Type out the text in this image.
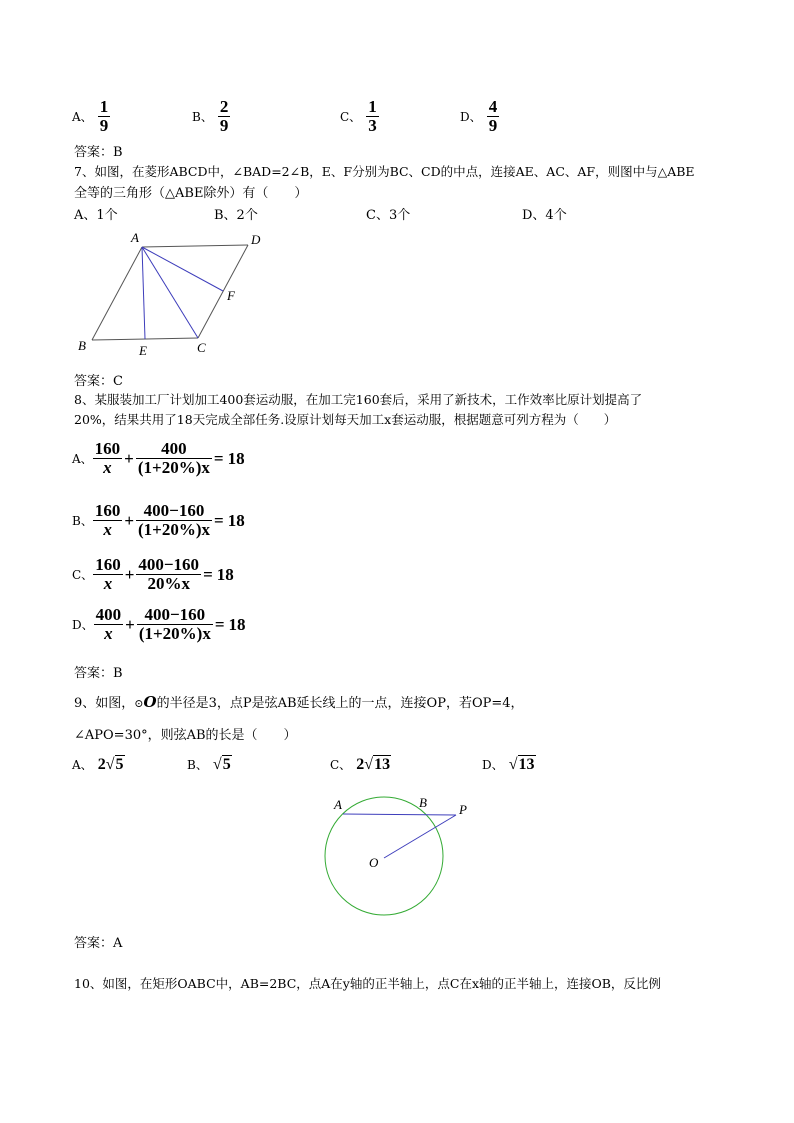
A、 $\frac{1}{9}$	B、 $\frac{2}{9}$	C、 $\frac{1}{3}$	D、 $\frac{4}{9}$
答案：B
7、如图，在菱形ABCD中，∠BAD=2∠B，E、F分别为BC、CD的中点，连接AE、AC、AF，则图中与△ABE
全等的三角形（△ABE除外）有（　　）
A、1个	B、2个	C、3个	D、4个
A	D
F
B	E	C
答案：C
8、某服装加工厂计划加工400套运动服，在加工完160套后，采用了新技术，工作效率比原计划提高了
20%，结果共用了18天完成全部任务.设原计划每天加工x套运动服，根据题意可列方程为（　　）
A、 $\frac{160}{x} + \frac{400}{(1+20\%)x} = 18$
B、 $\frac{160}{x} + \frac{400-160}{(1+20\%)x} = 18$
C、 $\frac{160}{x} + \frac{400-160}{20\%x} = 18$
D、 $\frac{400}{x} + \frac{400-160}{(1+20\%)x} = 18$
答案：B
9、如图，⊙O的半径是3，点P是弦AB延长线上的一点，连接OP，若OP=4，
∠APO=30°，则弦AB的长是（　　）
A、 2√5	B、 √5	C、 2√13	D、 √13
A	B P
O
答案：A
10、如图，在矩形OABC中，AB=2BC，点A在y轴的正半轴上，点C在x轴的正半轴上，连接OB，反比例
